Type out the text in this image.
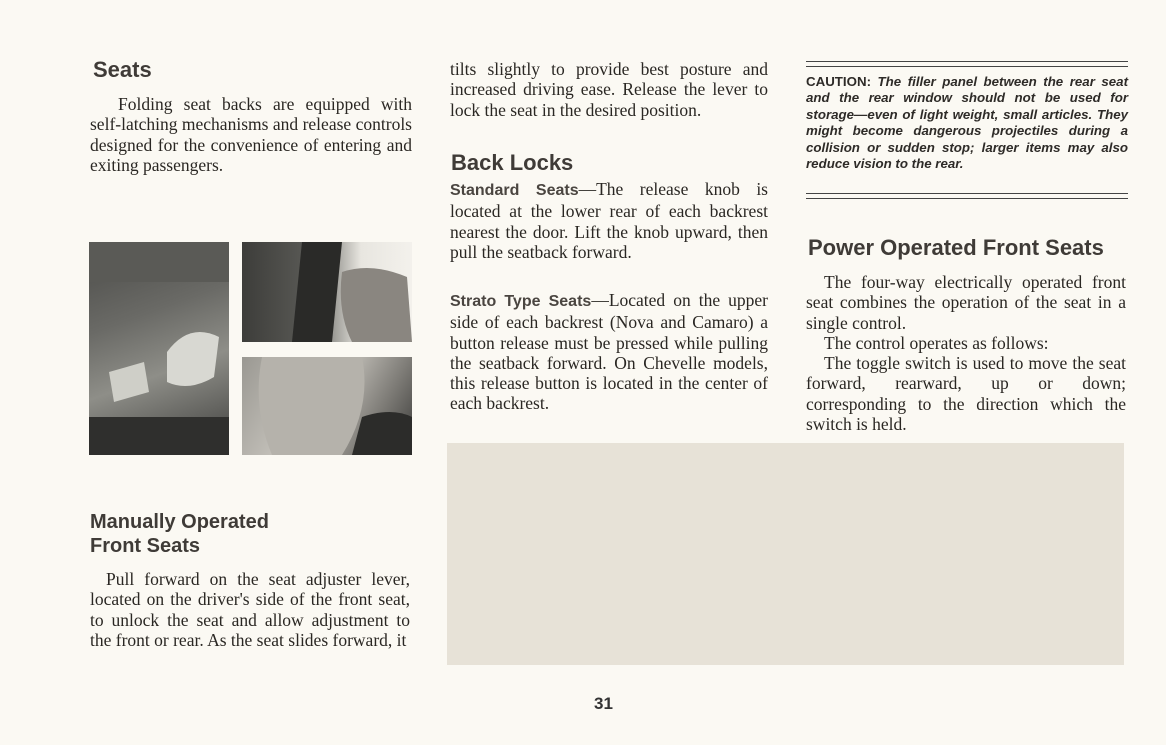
Seats

Folding seat backs are equipped with self-latching mechanisms and release controls designed for the convenience of entering and exiting passengers.

Manually Operated
Front Seats

Pull forward on the seat adjuster lever, located on the driver's side of the front seat, to unlock the seat and allow adjustment to the front or rear. As the seat slides forward, it

tilts slightly to provide best posture and increased driving ease. Release the lever to lock the seat in the desired position.

Back Locks

Standard Seats—The release knob is located at the lower rear of each backrest nearest the door. Lift the knob upward, then pull the seatback forward.

Strato Type Seats—Located on the upper side of each backrest (Nova and Camaro) a button release must be pressed while pulling the seatback forward. On Chevelle models, this release button is located in the center of each backrest.

CAUTION: The filler panel between the rear seat and the rear window should not be used for storage—even of light weight, small articles. They might become dangerous projectiles during a collision or sudden stop; larger items may also reduce vision to the rear.

Power Operated Front Seats

The four-way electrically operated front seat combines the operation of the seat in a single control.

The control operates as follows:

The toggle switch is used to move the seat forward, rearward, up or down; corresponding to the direction which the switch is held.

31
